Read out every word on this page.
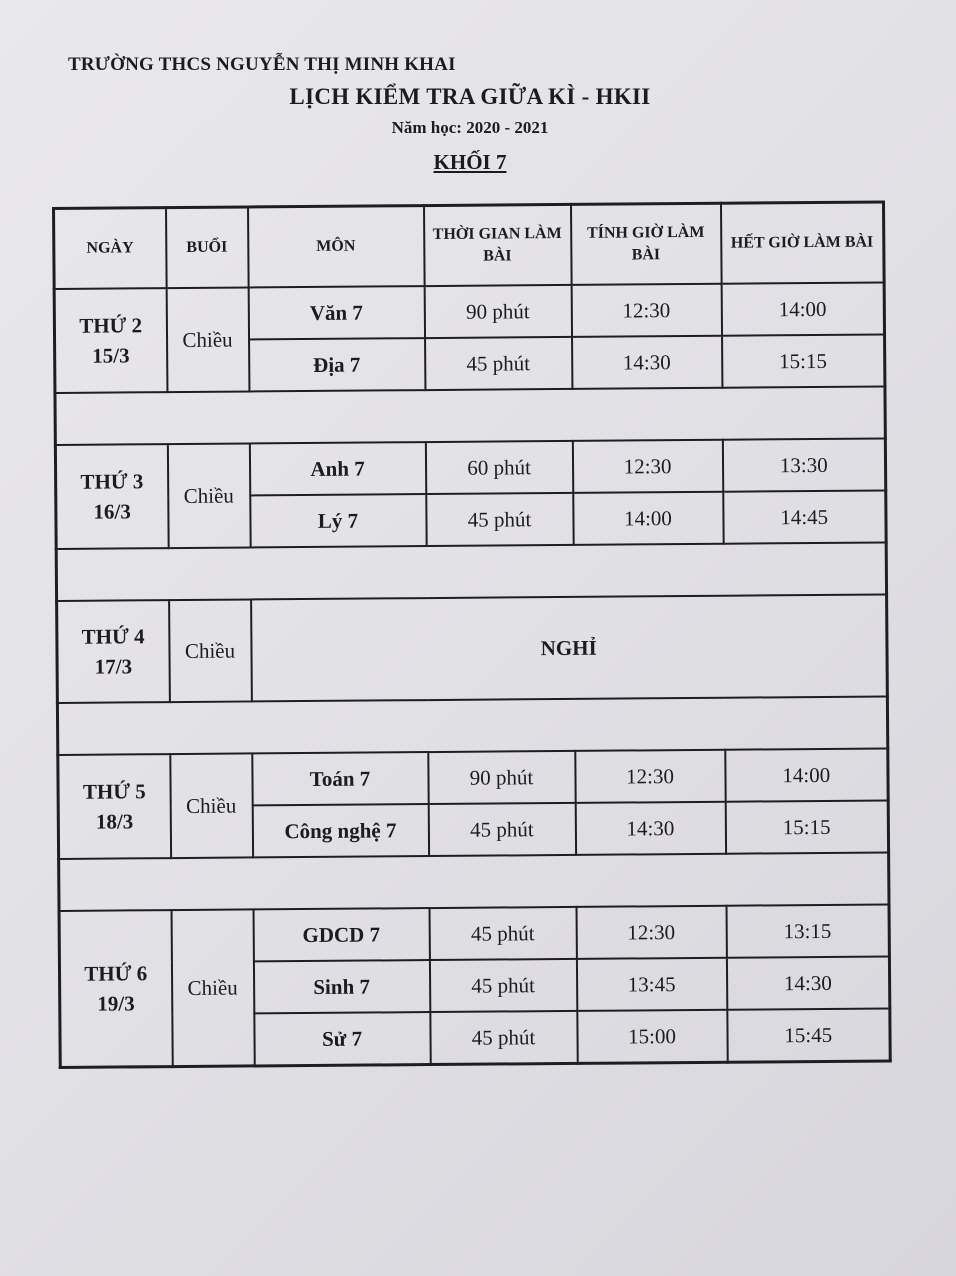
TRƯỜNG THCS NGUYỄN THỊ MINH KHAI
LỊCH KIỂM TRA GIỮA KÌ - HKII
Năm học: 2020 - 2021
KHỐI 7
NGÀY	BUỔI	MÔN	THỜI GIAN LÀM BÀI	TÍNH GIỜ LÀM BÀI	HẾT GIỜ LÀM BÀI
THỨ 2
15/3	Chiều	Văn 7	90 phút	12:30	14:00
		Địa 7	45 phút	14:30	15:15

THỨ 3
16/3	Chiều	Anh 7	60 phút	12:30	13:30
		Lý 7	45 phút	14:00	14:45

THỨ 4
17/3	Chiều	NGHỈ			

THỨ 5
18/3	Chiều	Toán 7	90 phút	12:30	14:00
		Công nghệ 7	45 phút	14:30	15:15

THỨ 6
19/3	Chiều	GDCD 7	45 phút	12:30	13:15
		Sinh 7	45 phút	13:45	14:30
		Sử 7	45 phút	15:00	15:45
